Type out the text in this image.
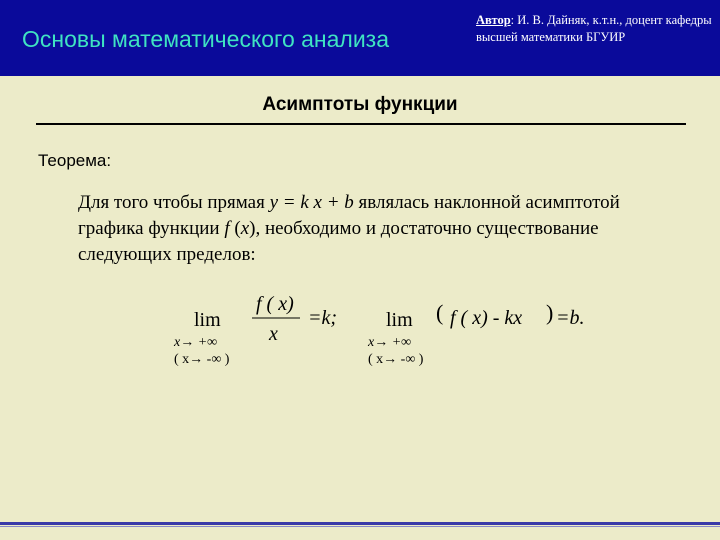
Основы математического анализа
Автор: И. В. Дайняк, к.т.н., доцент кафедры высшей математики БГУИР
Асимптоты функции
Теорема:
Для того чтобы прямая y = k x + b являлась наклонной асимптотой графика функции f (x), необходимо и достаточно существование следующих пределов:
lim
x→ +∞
( x→ -∞ )
f ( x)
x
=k; lim
x→ +∞
( x→ -∞ )
( f ( x) - kx ) =b.
